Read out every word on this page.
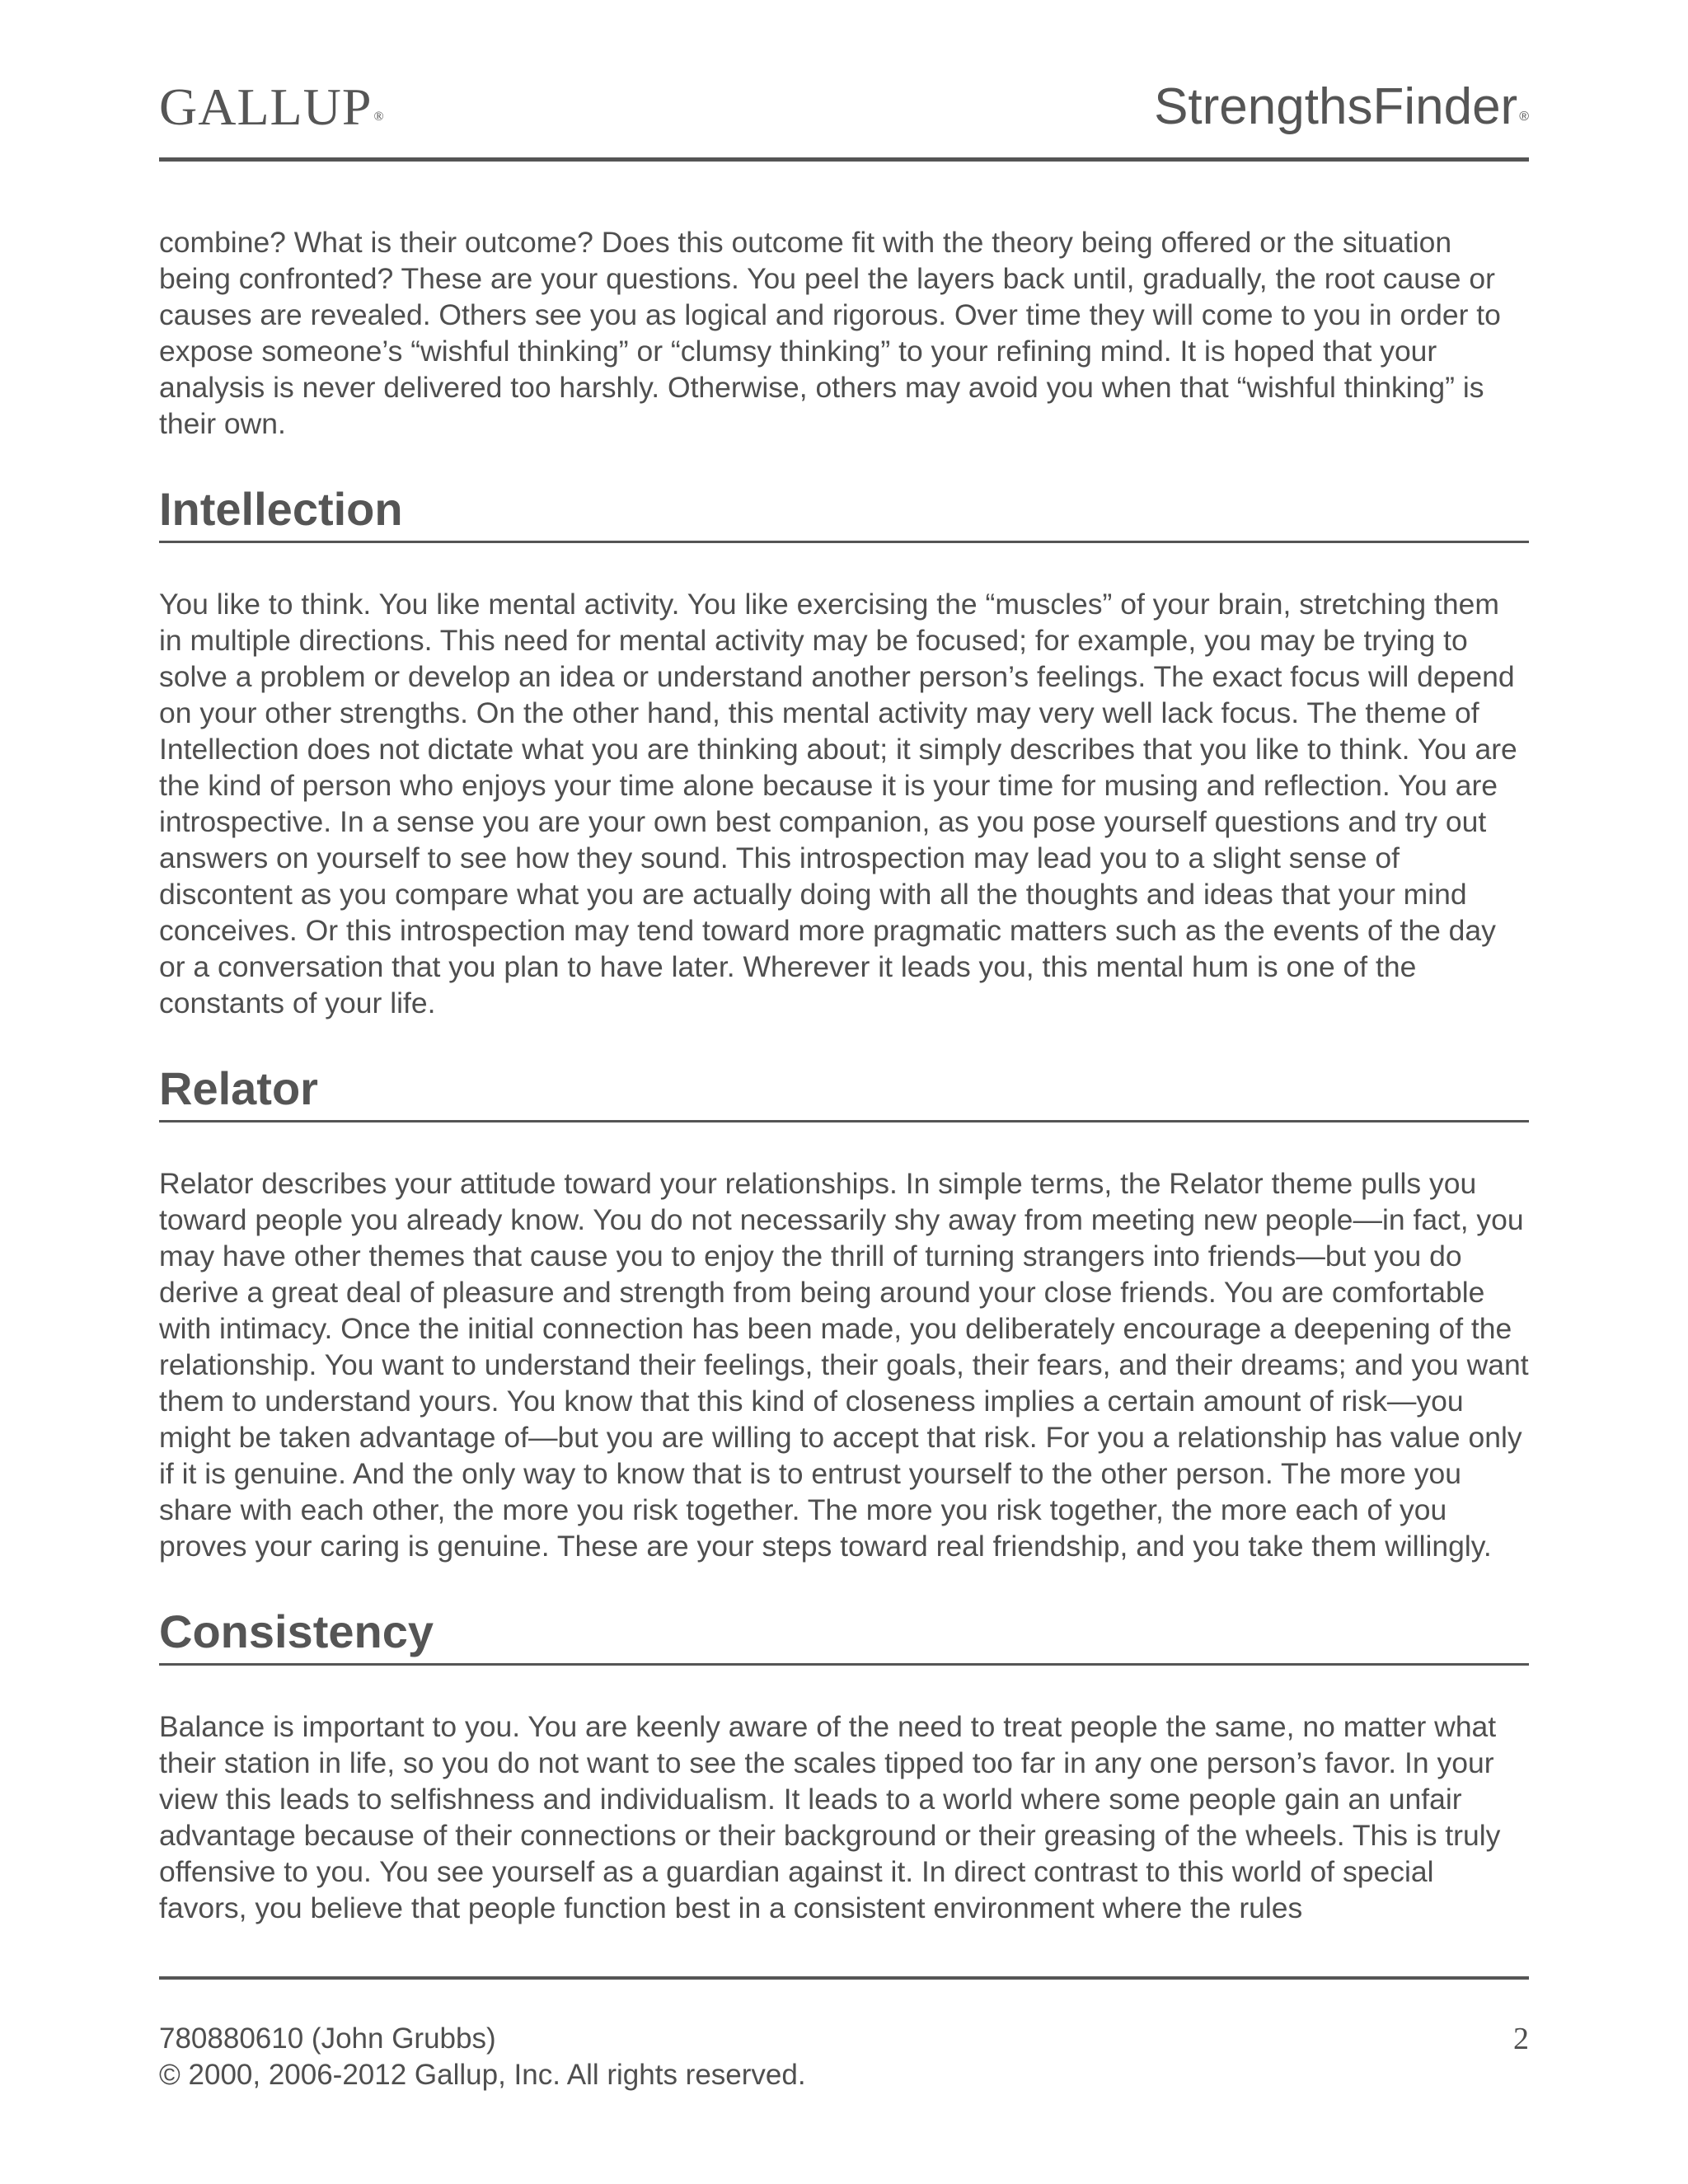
GALLUP ®	StrengthsFinder ®

combine? What is their outcome? Does this outcome fit with the theory being offered or the situation being confronted? These are your questions. You peel the layers back until, gradually, the root cause or causes are revealed. Others see you as logical and rigorous. Over time they will come to you in order to expose someone’s “wishful thinking” or “clumsy thinking” to your refining mind. It is hoped that your analysis is never delivered too harshly. Otherwise, others may avoid you when that “wishful thinking” is their own.

Intellection

You like to think. You like mental activity. You like exercising the “muscles” of your brain, stretching them in multiple directions. This need for mental activity may be focused; for example, you may be trying to solve a problem or develop an idea or understand another person’s feelings. The exact focus will depend on your other strengths. On the other hand, this mental activity may very well lack focus. The theme of Intellection does not dictate what you are thinking about; it simply describes that you like to think. You are the kind of person who enjoys your time alone because it is your time for musing and reflection. You are introspective. In a sense you are your own best companion, as you pose yourself questions and try out answers on yourself to see how they sound. This introspection may lead you to a slight sense of discontent as you compare what you are actually doing with all the thoughts and ideas that your mind conceives. Or this introspection may tend toward more pragmatic matters such as the events of the day or a conversation that you plan to have later. Wherever it leads you, this mental hum is one of the constants of your life.

Relator

Relator describes your attitude toward your relationships. In simple terms, the Relator theme pulls you toward people you already know. You do not necessarily shy away from meeting new people—in fact, you may have other themes that cause you to enjoy the thrill of turning strangers into friends—but you do derive a great deal of pleasure and strength from being around your close friends. You are comfortable with intimacy. Once the initial connection has been made, you deliberately encourage a deepening of the relationship. You want to understand their feelings, their goals, their fears, and their dreams; and you want them to understand yours. You know that this kind of closeness implies a certain amount of risk—you might be taken advantage of—but you are willing to accept that risk. For you a relationship has value only if it is genuine. And the only way to know that is to entrust yourself to the other person. The more you share with each other, the more you risk together. The more you risk together, the more each of you proves your caring is genuine. These are your steps toward real friendship, and you take them willingly.

Consistency

Balance is important to you. You are keenly aware of the need to treat people the same, no matter what their station in life, so you do not want to see the scales tipped too far in any one person’s favor. In your view this leads to selfishness and individualism. It leads to a world where some people gain an unfair advantage because of their connections or their background or their greasing of the wheels. This is truly offensive to you. You see yourself as a guardian against it. In direct contrast to this world of special favors, you believe that people function best in a consistent environment where the rules

780880610 (John Grubbs)
© 2000, 2006-2012 Gallup, Inc. All rights reserved.
2
